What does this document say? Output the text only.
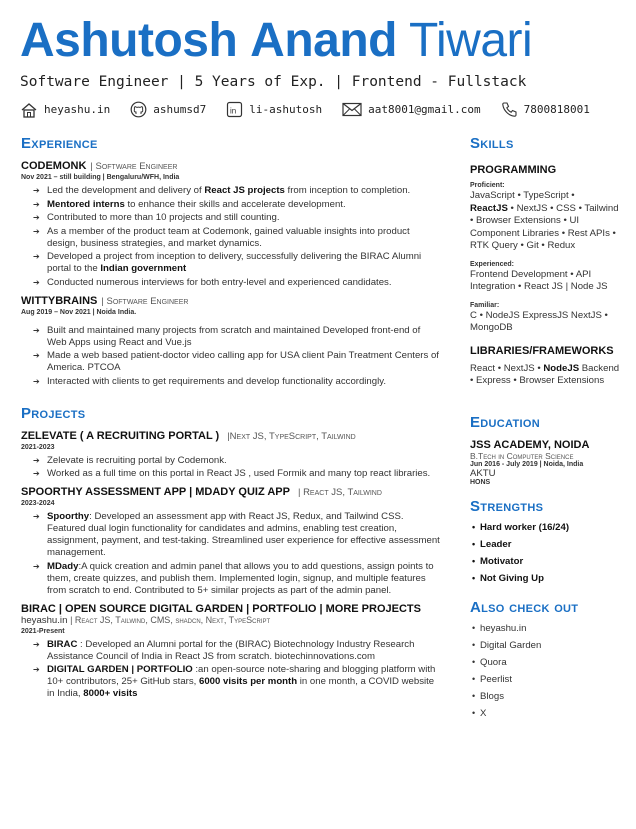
Ashutosh Anand Tiwari
Software Engineer | 5 Years of Exp. | Frontend - Fullstack
heyashu.in	ashumsd7	in li-ashutosh	aat8001@gmail.com	7800818001
Experience
CODEMONK | Software Engineer
Nov 2021 – still building | Bengaluru/WFH, India
➔ Led the development and delivery of React JS projects from inception to completion.
➔ Mentored interns to enhance their skills and accelerate development.
➔ Contributed to more than 10 projects and still counting.
➔ As a member of the product team at Codemonk, gained valuable insights into product design, business strategies, and market dynamics.
➔ Developed a project from inception to delivery, successfully delivering the BIRAC Alumni portal to the Indian government
➔ Conducted numerous interviews for both entry-level and experienced candidates.
WITTYBRAINS | Software Engineer
Aug 2019 – Nov 2021 | Noida India.
➔ Built and maintained many projects from scratch and maintained Developed front-end of Web Apps using React and Vue.js
➔ Made a web based patient-doctor video calling app for USA client Pain Treatment Centers of America. PTCOA
➔ Interacted with clients to get requirements and develop functionality accordingly.
Projects
ZELEVATE ( A RECRUITING PORTAL ) |Next JS, TypeScript, Tailwind
2021-2023
➔ Zelevate is recruiting portal by Codemonk.
➔ Worked as a full time on this portal in React JS , used Formik and many top react libraries.
SPOORTHY ASSESSMENT APP | MDADY QUIZ APP | React JS, Tailwind
2023-2024
➔ Spoorthy: Developed an assessment app with React JS, Redux, and Tailwind CSS. Featured dual login functionality for candidates and admins, enabling test creation, assignment, payment, and test-taking. Streamlined user experience for effective assessment management.
➔ MDady:A quick creation and admin panel that allows you to add questions, assign points to them, create quizzes, and publish them. Implemented login, signup, and multiple features from scratch to end. Contributed to 5+ similar projects as part of the admin panel.
BIRAC | OPEN SOURCE DIGITAL GARDEN | PORTFOLIO | MORE PROJECTS
heyashu.in | React JS, Tailwind, CMS, shadcn, Next, TypeScript
2021-Present
➔ BIRAC : Developed an Alumni portal for the (BIRAC) Biotechnology Industry Research Assistance Council of India in React JS from scratch. biotechinnovations.com
➔ DIGITAL GARDEN | PORTFOLIO :an open-source note-sharing and blogging platform with 10+ contributors, 25+ GitHub stars, 6000 visits per month in one month, a COVID website in India, 8000+ visits
Skills
PROGRAMMING
Proficient:
JavaScript • TypeScript •
ReactJS • NextJS • CSS • Tailwind • Browser Extensions • UI Component Libraries • Rest APIs • RTK Query • Git • Redux
Experienced:
Frontend Development • API Integration • React JS | Node JS
Familiar:
C • NodeJS ExpressJS NextJS • MongoDB
LIBRARIES/FRAMEWORKS
React • NextJS • NodeJS Backend • Express • Browser Extensions
Education
JSS ACADEMY, NOIDA
B.Tech in Computer Science
Jun 2016 - July 2019 | Noida, India
AKTU
HONS
Strengths
• Hard worker (16/24)
• Leader
• Motivator
• Not Giving Up
Also check out
• heyashu.in
• Digital Garden
• Quora
• Peerlist
• Blogs
• X
